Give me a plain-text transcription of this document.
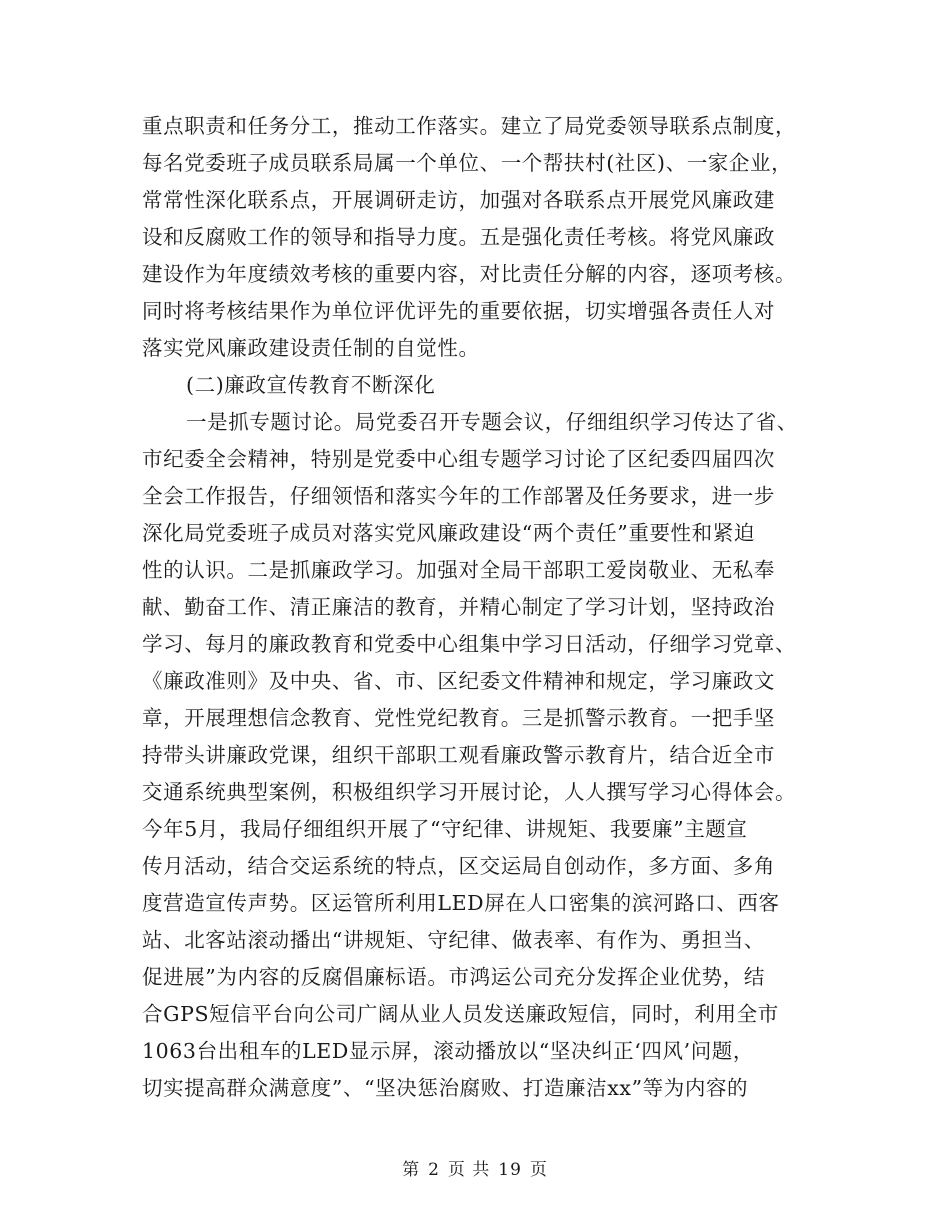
重点职责和任务分工，推动工作落实。建立了局党委领导联系点制度，
每名党委班子成员联系局属一个单位、一个帮扶村(社区)、一家企业，
常常性深化联系点，开展调研走访，加强对各联系点开展党风廉政建
设和反腐败工作的领导和指导力度。五是强化责任考核。将党风廉政
建设作为年度绩效考核的重要内容，对比责任分解的内容，逐项考核。
同时将考核结果作为单位评优评先的重要依据，切实增强各责任人对
落实党风廉政建设责任制的自觉性。
(二)廉政宣传教育不断深化
一是抓专题讨论。局党委召开专题会议，仔细组织学习传达了省、
市纪委全会精神，特别是党委中心组专题学习讨论了区纪委四届四次
全会工作报告，仔细领悟和落实今年的工作部署及任务要求，进一步
深化局党委班子成员对落实党风廉政建设“两个责任”重要性和紧迫
性的认识。二是抓廉政学习。加强对全局干部职工爱岗敬业、无私奉
献、勤奋工作、清正廉洁的教育，并精心制定了学习计划，坚持政治
学习、每月的廉政教育和党委中心组集中学习日活动，仔细学习党章、
《廉政准则》及中央、省、市、区纪委文件精神和规定，学习廉政文
章，开展理想信念教育、党性党纪教育。三是抓警示教育。一把手坚
持带头讲廉政党课，组织干部职工观看廉政警示教育片，结合近全市
交通系统典型案例，积极组织学习开展讨论，人人撰写学习心得体会。
今年5月，我局仔细组织开展了“守纪律、讲规矩、我要廉”主题宣
传月活动，结合交运系统的特点，区交运局自创动作，多方面、多角
度营造宣传声势。区运管所利用LED屏在人口密集的滨河路口、西客
站、北客站滚动播出“讲规矩、守纪律、做表率、有作为、勇担当、
促进展”为内容的反腐倡廉标语。市鸿运公司充分发挥企业优势，结
合GPS短信平台向公司广阔从业人员发送廉政短信，同时，利用全市
1063台出租车的LED显示屏，滚动播放以“坚决纠正‘四风’问题，
切实提高群众满意度”、“坚决惩治腐败、打造廉洁xx”等为内容的
第 2 页 共 19 页
